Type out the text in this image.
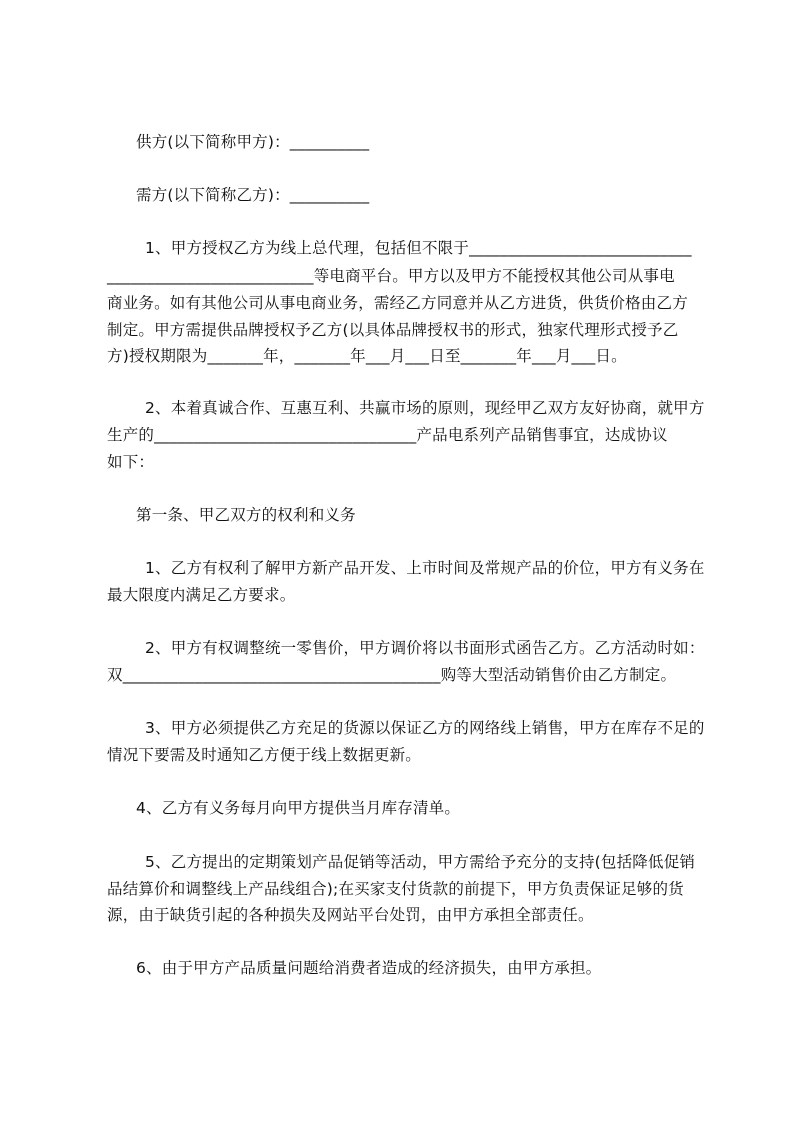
供方(以下简称甲方)：__________
需方(以下简称乙方)：__________
1、甲方授权乙方为线上总代理，包括但不限于____________________________
__________________________等电商平台。甲方以及甲方不能授权其他公司从事电
商业务。如有其他公司从事电商业务，需经乙方同意并从乙方进货，供货价格由乙方
制定。甲方需提供品牌授权予乙方(以具体品牌授权书的形式，独家代理形式授予乙
方)授权期限为_______年，_______年___月___日至_______年___月___日。
2、本着真诚合作、互惠互利、共赢市场的原则，现经甲乙双方友好协商，就甲方
生产的_________________________________产品电系列产品销售事宜，达成协议
如下：
第一条、甲乙双方的权利和义务
1、乙方有权利了解甲方新产品开发、上市时间及常规产品的价位，甲方有义务在
最大限度内满足乙方要求。
2、甲方有权调整统一零售价，甲方调价将以书面形式函告乙方。乙方活动时如：
双________________________________________购等大型活动销售价由乙方制定。
3、甲方必须提供乙方充足的货源以保证乙方的网络线上销售，甲方在库存不足的
情况下要需及时通知乙方便于线上数据更新。
4、乙方有义务每月向甲方提供当月库存清单。
5、乙方提出的定期策划产品促销等活动，甲方需给予充分的支持(包括降低促销
品结算价和调整线上产品线组合);在买家支付货款的前提下，甲方负责保证足够的货
源，由于缺货引起的各种损失及网站平台处罚，由甲方承担全部责任。
6、由于甲方产品质量问题给消费者造成的经济损失，由甲方承担。
